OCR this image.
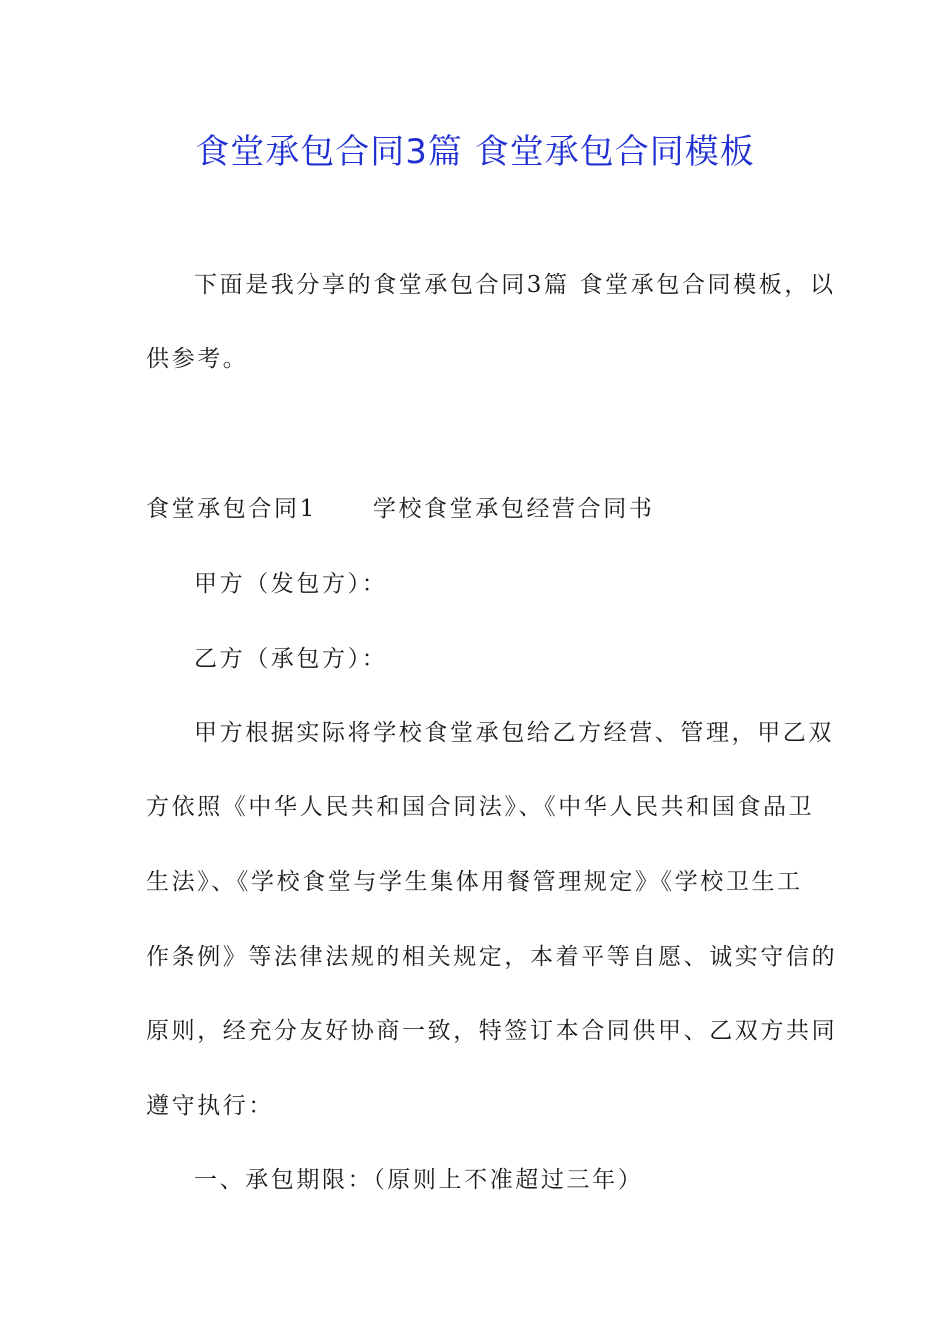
食堂承包合同3篇 食堂承包合同模板
下面是我分享的食堂承包合同3篇 食堂承包合同模板，以
供参考。
食堂承包合同1 学校食堂承包经营合同书
甲方（发包方）：
乙方（承包方）：
甲方根据实际将学校食堂承包给乙方经营、管理，甲乙双
方依照《中华人民共和国合同法》、《中华人民共和国食品卫
生法》、《学校食堂与学生集体用餐管理规定》《学校卫生工
作条例》等法律法规的相关规定，本着平等自愿、诚实守信的
原则，经充分友好协商一致，特签订本合同供甲、乙双方共同
遵守执行：
一、承包期限：（原则上不准超过三年）
